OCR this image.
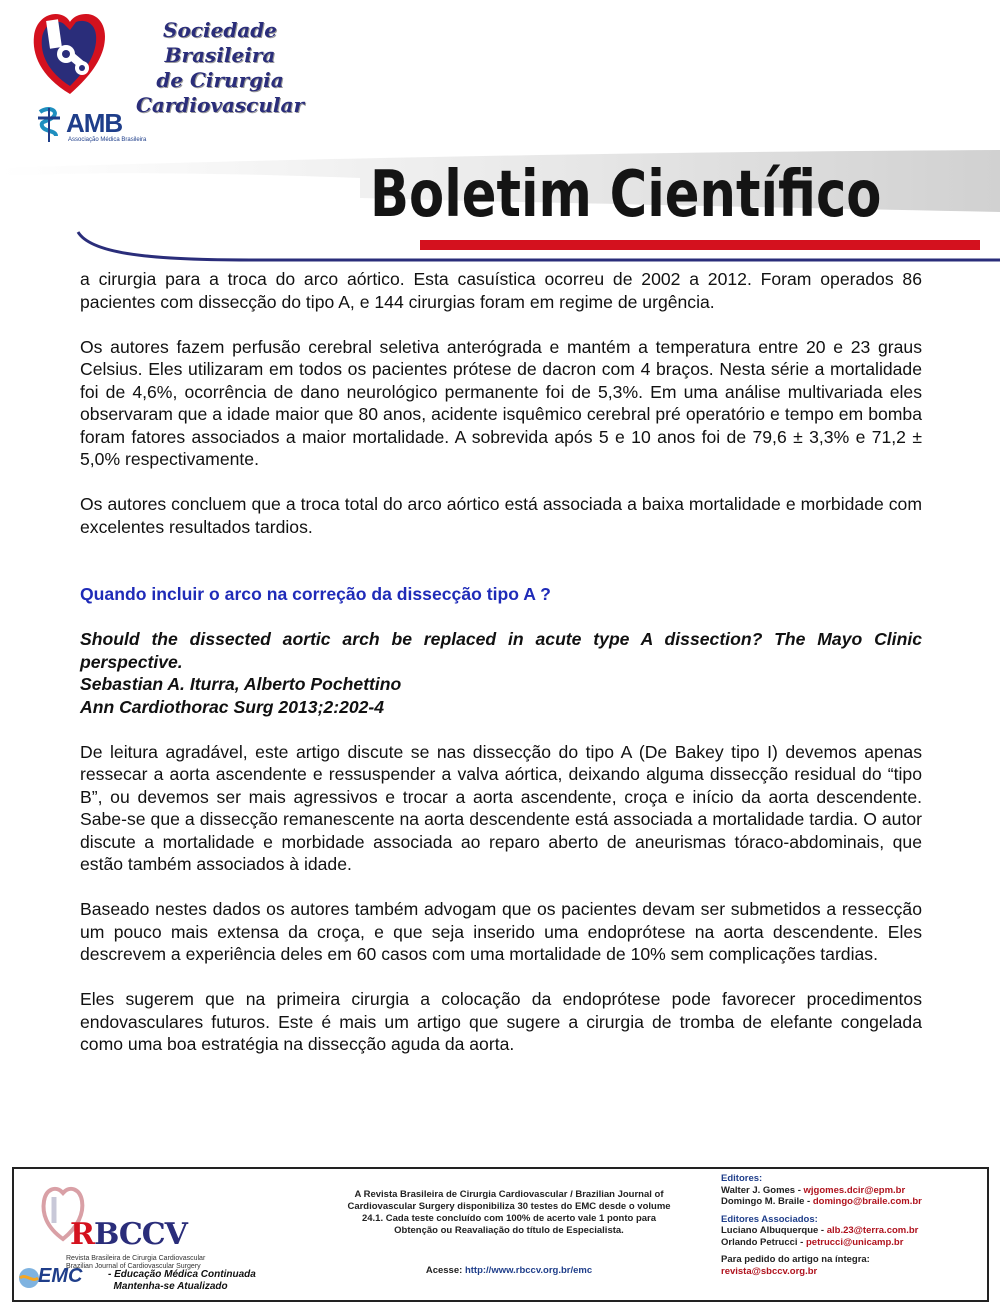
Sociedade Brasileira
de Cirurgia
Cardiovascular
AMB
Associação Médica Brasileira
Boletim Científico

a cirurgia para a troca do arco aórtico. Esta casuística ocorreu de 2002 a 2012. Foram operados 86 pacientes com dissecção do tipo A, e 144 cirurgias foram em regime de urgência.

Os autores fazem perfusão cerebral seletiva anterógrada e mantém a temperatura entre 20 e 23 graus Celsius. Eles utilizaram em todos os pacientes prótese de dacron com 4 braços. Nesta série a mortalidade foi de 4,6%, ocorrência de dano neurológico permanente foi de 5,3%. Em uma análise multivariada eles observaram que a idade maior que 80 anos, acidente isquêmico cerebral pré operatório e tempo em bomba foram fatores associados a maior mortalidade. A sobrevida após 5 e 10 anos foi de 79,6 ± 3,3% e 71,2 ± 5,0% respectivamente.

Os autores concluem que a troca total do arco aórtico está associada a baixa mortalidade e morbidade com excelentes resultados tardios.

Quando incluir o arco na correção da dissecção tipo A ?

Should the dissected aortic arch be replaced in acute type A dissection? The Mayo Clinic perspective.

Sebastian A. Iturra, Alberto Pochettino

Ann Cardiothorac Surg 2013;2:202-4

De leitura agradável, este artigo discute se nas dissecção do tipo A (De Bakey tipo I) devemos apenas ressecar a aorta ascendente e ressuspender a valva aórtica, deixando alguma dissecção residual do “tipo B”, ou devemos ser mais agressivos e trocar a aorta ascendente, croça e início da aorta descendente. Sabe-se que a dissecção remanescente na aorta descendente está associada a mortalidade tardia. O autor discute a mortalidade e morbidade associada ao reparo aberto de aneurismas tóraco-abdominais, que estão também associados à idade.

Baseado nestes dados os autores também advogam que os pacientes devam ser submetidos a ressecção um pouco mais extensa da croça, e que seja inserido uma endoprótese na aorta descendente. Eles descrevem a experiência deles em 60 casos com uma mortalidade de 10% sem complicações tardias.

Eles sugerem que na primeira cirurgia a colocação da endoprótese pode favorecer procedimentos endovasculares futuros. Este é mais um artigo que sugere a cirurgia de tromba de elefante congelada como uma boa estratégia na dissecção aguda da aorta.

RBCCV
Revista Brasileira de Cirurgia Cardiovascular
Brazilian Journal of Cardiovascular Surgery
EMC	- Educação Médica Continuada
Mantenha-se Atualizado
A Revista Brasileira de Cirurgia Cardiovascular / Brazilian Journal of Cardiovascular Surgery disponibiliza 30 testes do EMC desde o volume 24.1. Cada teste concluído com 100% de acerto vale 1 ponto para Obtenção ou Reavaliação do título de Especialista.
Acesse: http://www.rbccv.org.br/emc
Editores:
Walter J. Gomes - wjgomes.dcir@epm.br
Domingo M. Braile - domingo@braile.com.br
Editores Associados:
Luciano Albuquerque - alb.23@terra.com.br
Orlando Petrucci - petrucci@unicamp.br
Para pedido do artigo na íntegra:
revista@sbccv.org.br
